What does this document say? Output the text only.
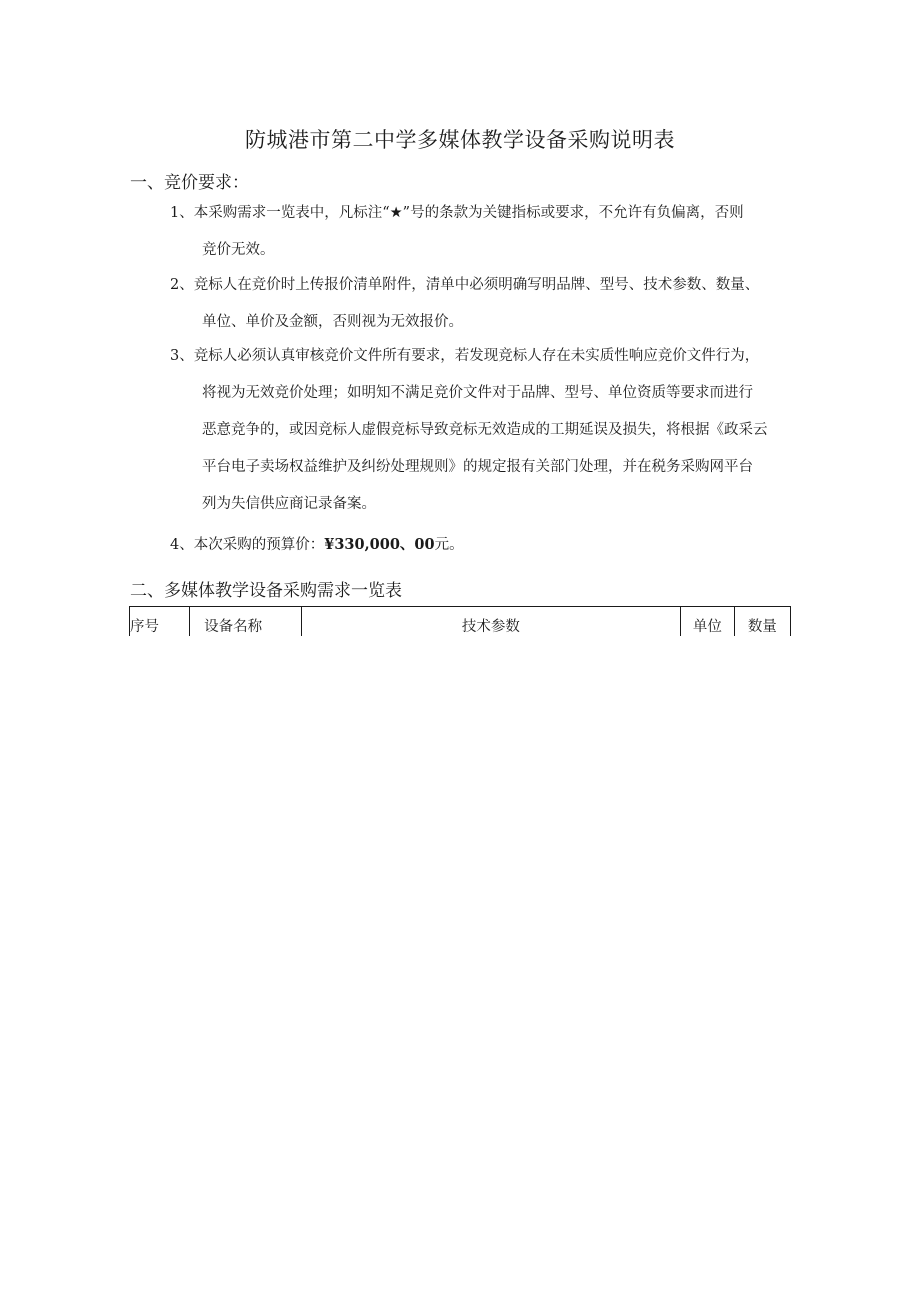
防城港市第二中学多媒体教学设备采购说明表
一、竞价要求：
1、本采购需求一览表中，凡标注“★”号的条款为关键指标或要求，不允许有负偏离，否则
竞价无效。
2、竞标人在竞价时上传报价清单附件，清单中必须明确写明品牌、型号、技术参数、数量、
单位、单价及金额，否则视为无效报价。
3、竞标人必须认真审核竞价文件所有要求，若发现竞标人存在未实质性响应竞价文件行为，
将视为无效竞价处理；如明知不满足竞价文件对于品牌、型号、单位资质等要求而进行
恶意竞争的，或因竞标人虚假竞标导致竞标无效造成的工期延误及损失，将根据《政采云
平台电子卖场权益维护及纠纷处理规则》的规定报有关部门处理，并在税务采购网平台
列为失信供应商记录备案。
4、本次采购的预算价：¥330,000、00元。
二、多媒体教学设备采购需求一览表
序号	设备名称	技术参数	单位	数量
